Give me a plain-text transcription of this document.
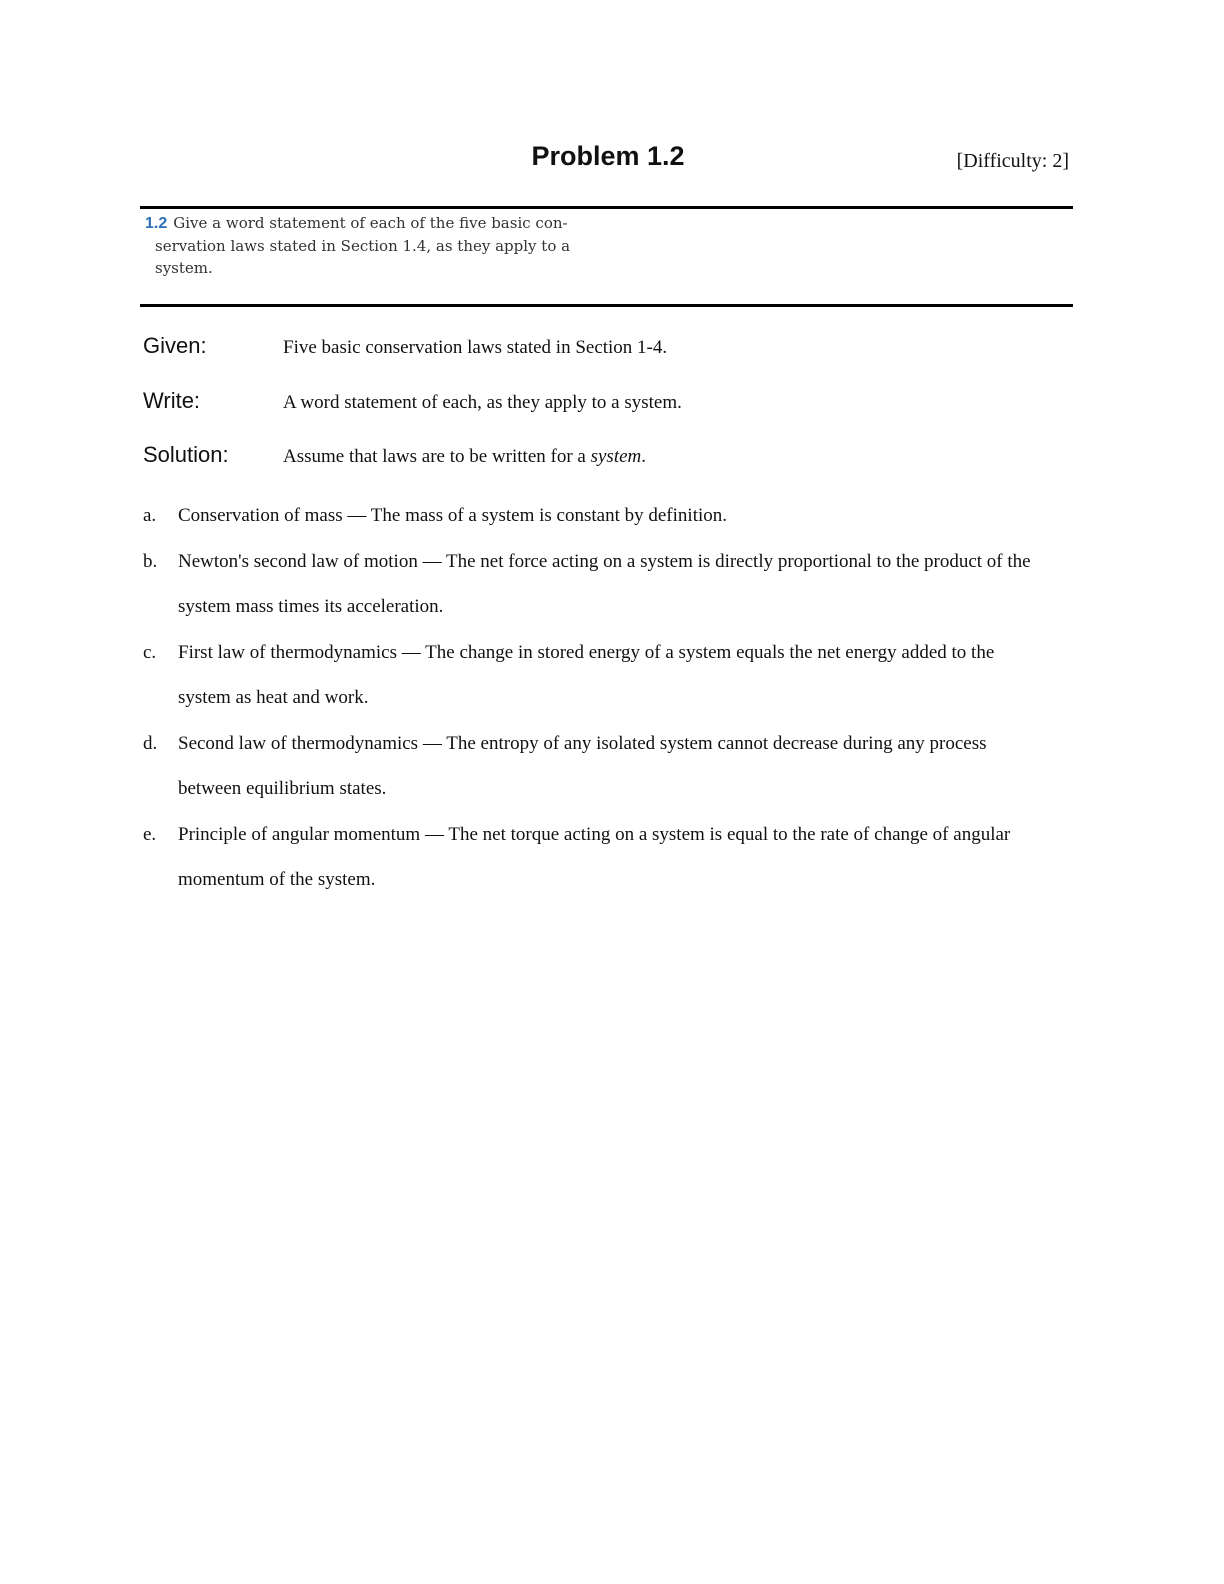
Problem 1.2	[Difficulty: 2]
1.2 Give a word statement of each of the five basic con-
servation laws stated in Section 1.4, as they apply to a
system.
Given:	Five basic conservation laws stated in Section 1-4.
Write:	A word statement of each, as they apply to a system.
Solution:	Assume that laws are to be written for a system.
a. Conservation of mass — The mass of a system is constant by definition.
b. Newton's second law of motion — The net force acting on a system is directly proportional to the product of the
system mass times its acceleration.
c. First law of thermodynamics — The change in stored energy of a system equals the net energy added to the
system as heat and work.
d. Second law of thermodynamics — The entropy of any isolated system cannot decrease during any process
between equilibrium states.
e. Principle of angular momentum — The net torque acting on a system is equal to the rate of change of angular
momentum of the system.
